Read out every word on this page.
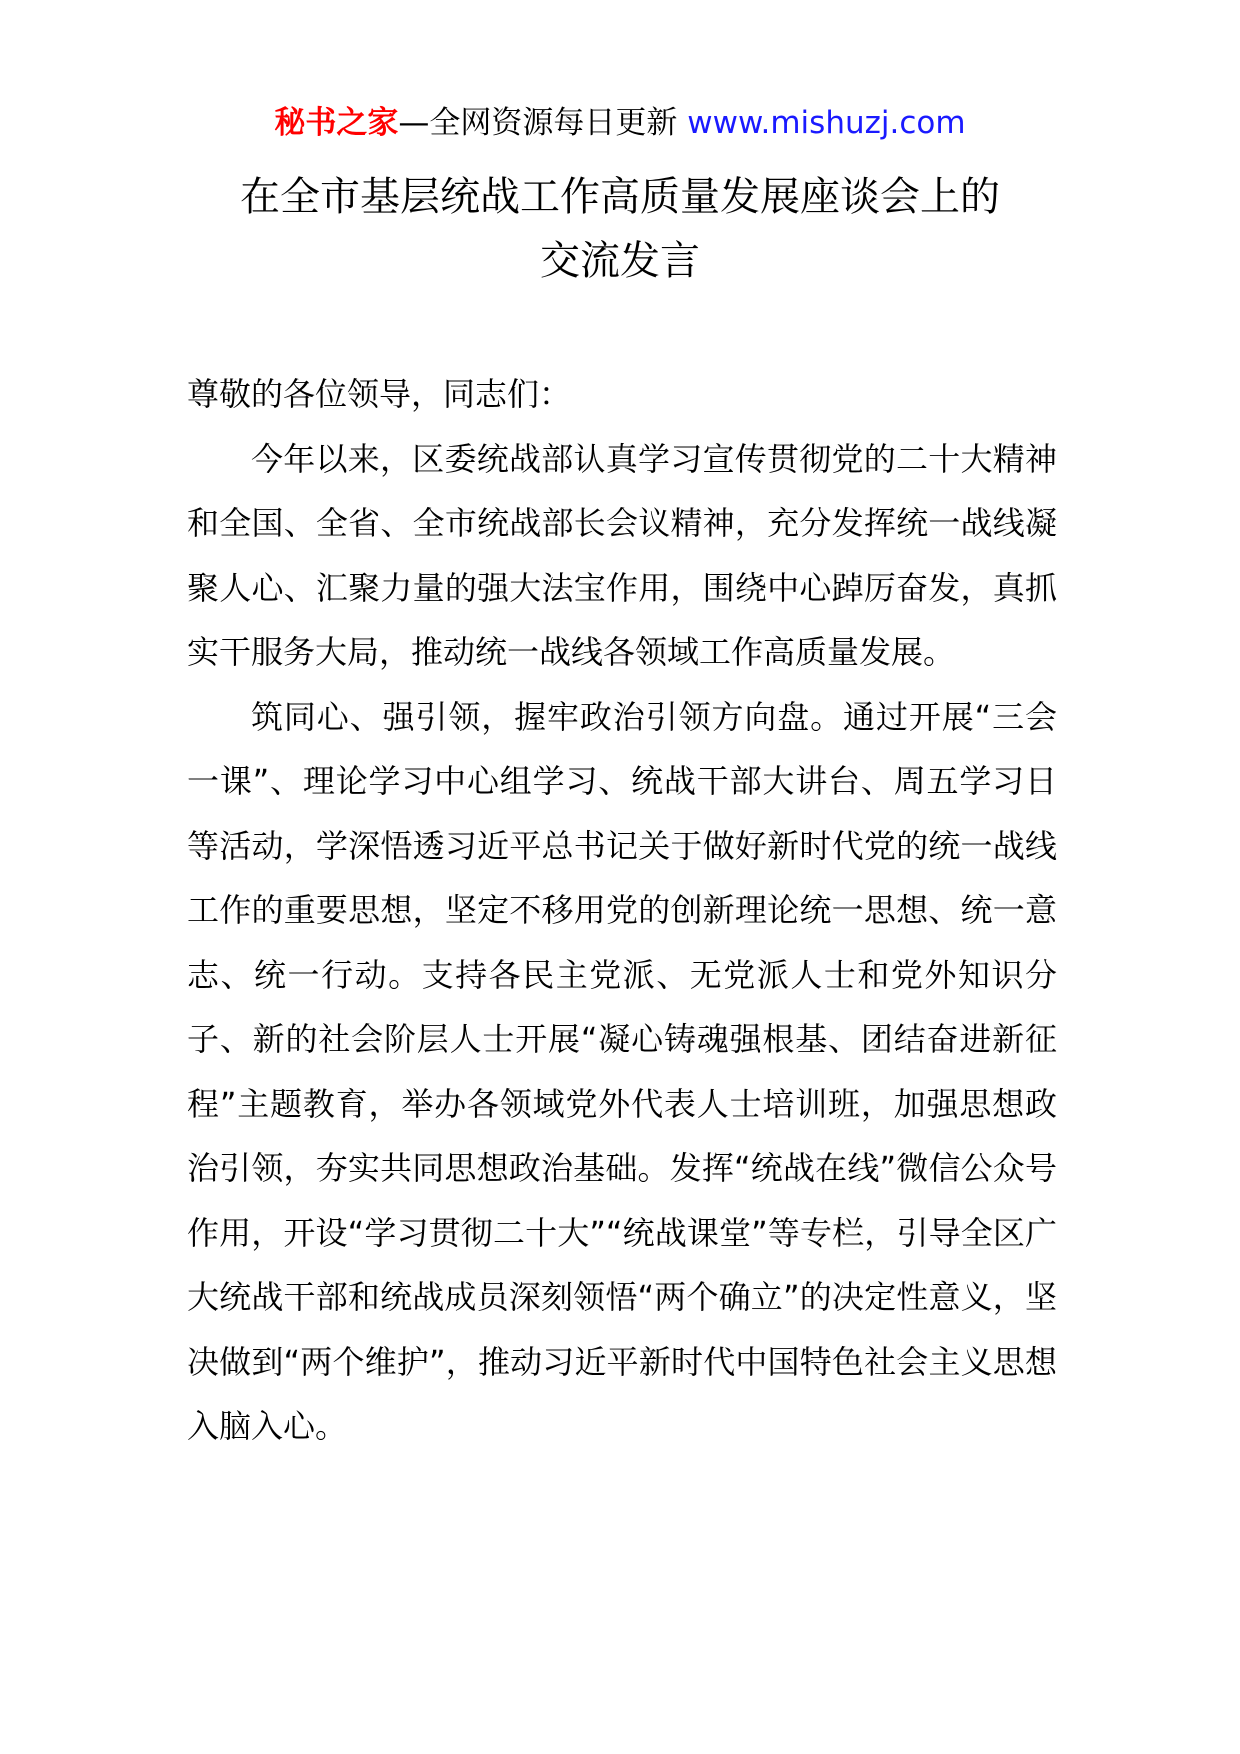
秘书之家—全网资源每日更新 www.mishuzj.com
在全市基层统战工作高质量发展座谈会上的
交流发言

尊敬的各位领导，同志们：

今年以来，区委统战部认真学习宣传贯彻党的二十大精神和全国、全省、全市统战部长会议精神，充分发挥统一战线凝聚人心、汇聚力量的强大法宝作用，围绕中心踔厉奋发，真抓实干服务大局，推动统一战线各领域工作高质量发展。

筑同心、强引领，握牢政治引领方向盘。通过开展“三会一课”、理论学习中心组学习、统战干部大讲台、周五学习日等活动，学深悟透习近平总书记关于做好新时代党的统一战线工作的重要思想，坚定不移用党的创新理论统一思想、统一意志、统一行动。支持各民主党派、无党派人士和党外知识分子、新的社会阶层人士开展“凝心铸魂强根基、团结奋进新征程”主题教育，举办各领域党外代表人士培训班，加强思想政治引领，夯实共同思想政治基础。发挥“统战在线”微信公众号作用，开设“学习贯彻二十大”“统战课堂”等专栏，引导全区广大统战干部和统战成员深刻领悟“两个确立”的决定性意义，坚决做到“两个维护”，推动习近平新时代中国特色社会主义思想入脑入心。
